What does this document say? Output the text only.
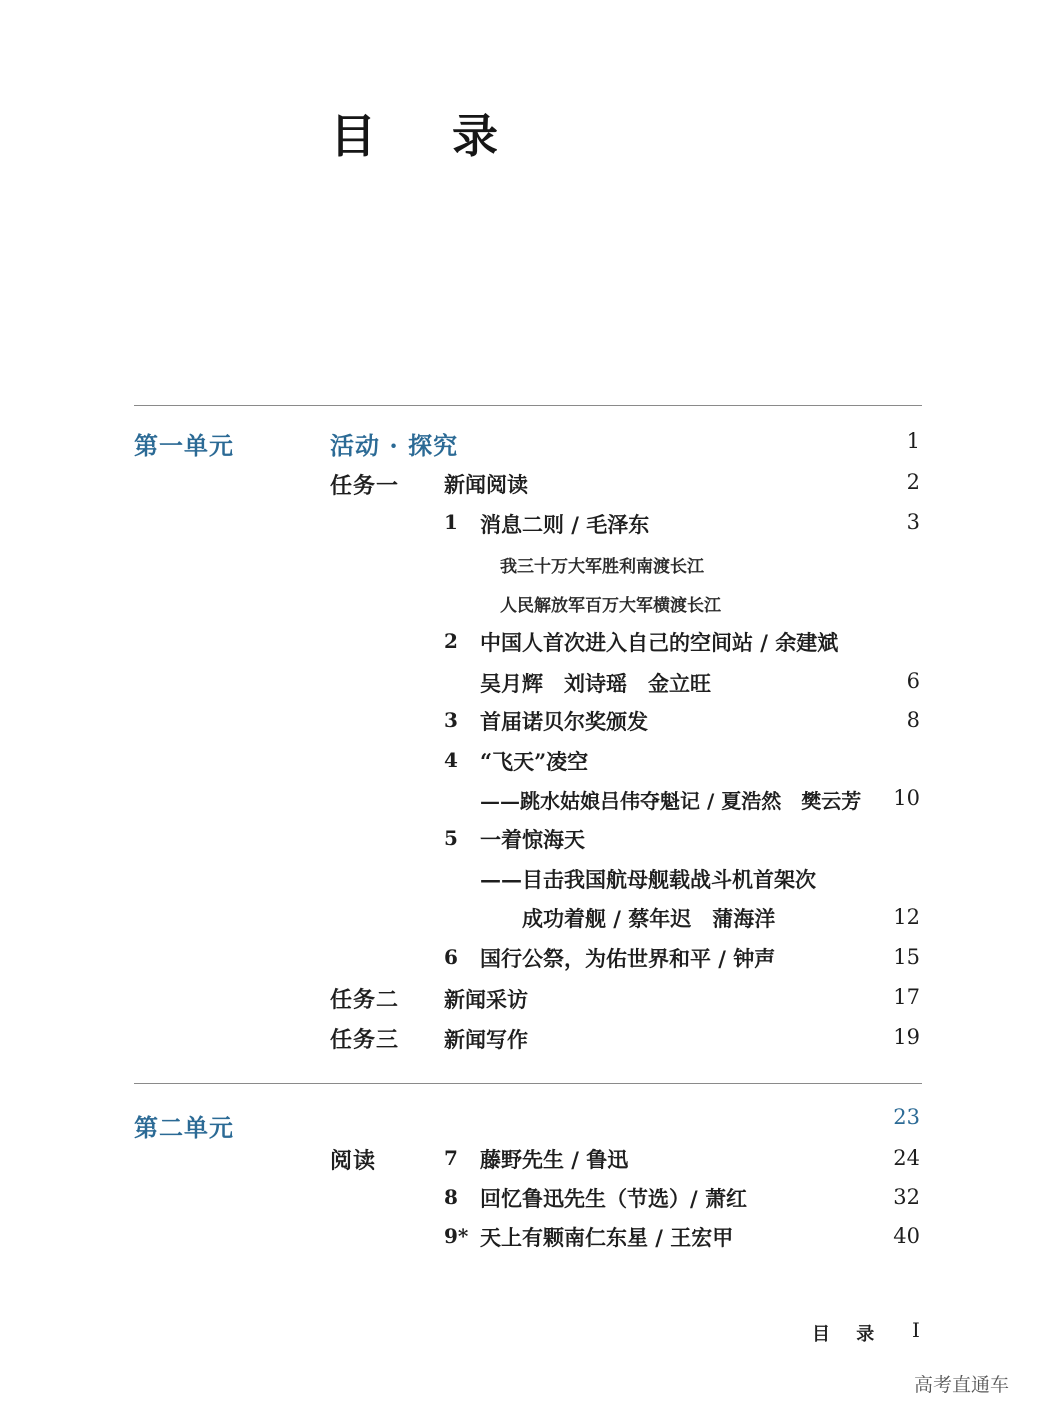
目 录
第一单元	活动 · 探究	1
任务一 新闻阅读	2
1 消息二则 / 毛泽东	3
我三十万大军胜利南渡长江
人民解放军百万大军横渡长江
2 中国人首次进入自己的空间站 / 余建斌
吴月辉　刘诗瑶　金立旺	6
3 首届诺贝尔奖颁发	8
4 “飞天”凌空
——跳水姑娘吕伟夺魁记 / 夏浩然　樊云芳 10
5 一着惊海天
——目击我国航母舰载战斗机首架次
成功着舰 / 蔡年迟　蒲海洋	12
6 国行公祭，为佑世界和平 / 钟声	15
任务二 新闻采访	17
任务三 新闻写作	19
第二单元	23
阅读	7 藤野先生 / 鲁迅	24
8 回忆鲁迅先生（节选）/ 萧红	32
9* 天上有颗南仁东星 / 王宏甲	40
目 录 I
高考直通车
